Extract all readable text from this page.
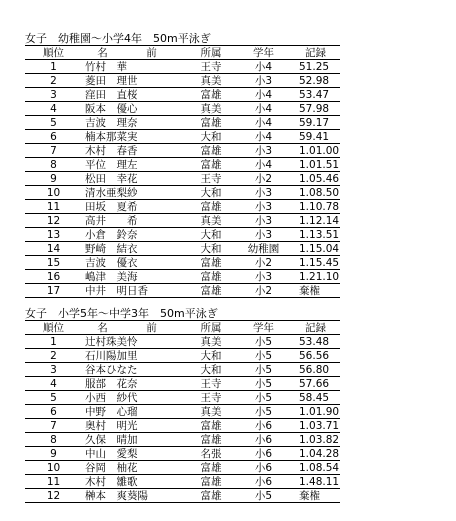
女子　幼稚園～小学4年　50m平泳ぎ
順位	名　前	所属	学年	記録
1	竹村　華	王寺	小4	51.25
2	菱田　理世	真美	小3	52.98
3	窪田　直桜	富雄	小4	53.47
4	阪本　優心	真美	小4	57.98
5	吉波　理奈	富雄	小4	59.17
6	楠本那菜実	大和	小4	59.41
7	木村　春香	富雄	小3	1.01.00
8	平位　理左	富雄	小4	1.01.51
9	松田　幸花	王寺	小2	1.05.46
10	清水亜梨紗	大和	小3	1.08.50
11	田坂　夏希	富雄	小3	1.10.78
12	高井　　希	真美	小3	1.12.14
13	小倉　鈴奈	大和	小3	1.13.51
14	野崎　結衣	大和	幼稚園	1.15.04
15	吉波　優衣	富雄	小2	1.15.45
16	嶋津　美海	富雄	小3	1.21.10
17	中井　明日香	富雄	小2	棄権
女子　小学5年～中学3年　50m平泳ぎ
順位	名　前	所属	学年	記録
1	辻村珠美怜	真美	小5	53.48
2	石川陽加里	大和	小5	56.56
3	谷本ひなた	大和	小5	56.80
4	服部　花奈	王寺	小5	57.66
5	小西　紗代	王寺	小5	58.45
6	中野　心瑠	真美	小5	1.01.90
7	奥村　明光	富雄	小6	1.03.71
8	久保　晴加	富雄	小6	1.03.82
9	中山　愛梨	名張	小6	1.04.28
10	谷岡　柚花	富雄	小6	1.08.54
11	木村　雛歌	富雄	小6	1.48.11
12	榊本　爽葵陽	富雄	小5	棄権
